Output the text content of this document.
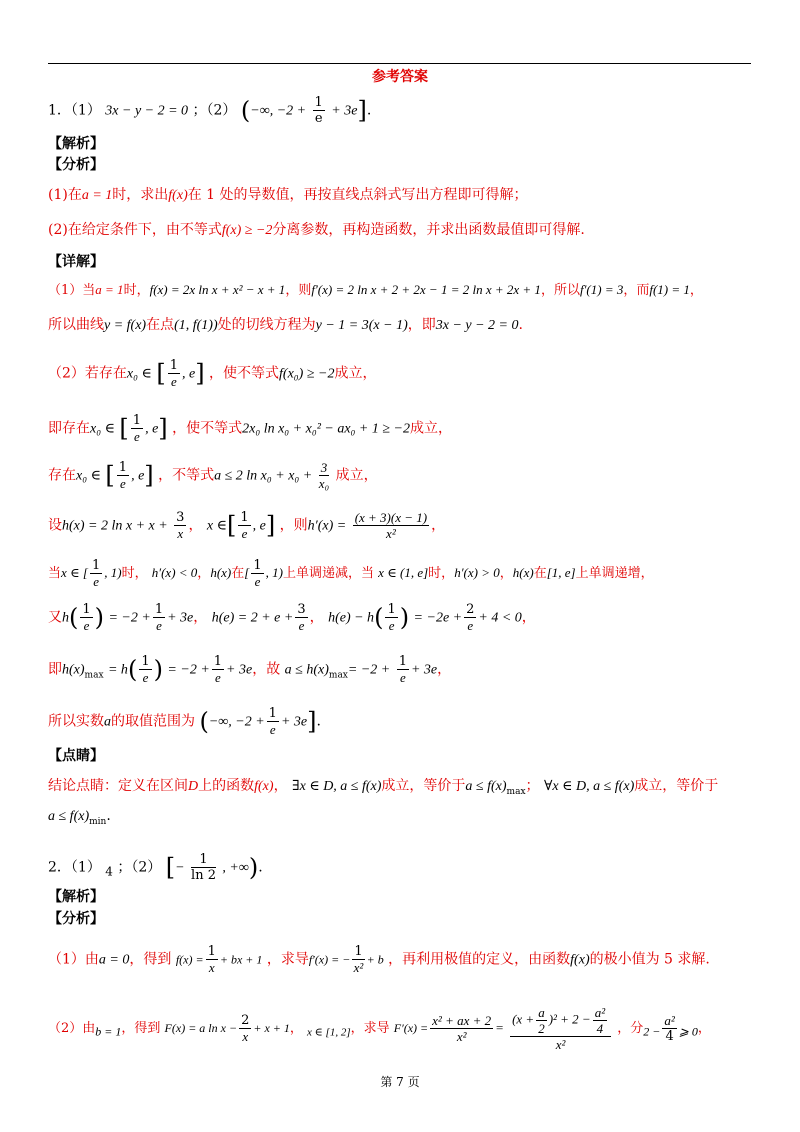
参考答案
1．（1） 3x − y − 2 = 0 ；（2） (−∞, $-2 + \frac{1}{e} + 3e$].
【解析】
【分析】
(1)在a = 1时，求出f(x)在 1 处的导数值，再按直线点斜式写出方程即可得解；
(2)在给定条件下，由不等式f(x) ≥ −2分离参数，再构造函数，并求出函数最值即可得解.
【详解】
（1）当a = 1时，f(x) = 2x ln x + x² − x + 1，则f′(x) = 2 ln x + 2 + 2x − 1 = 2 ln x + 2x + 1，所以f′(1) = 3，而f(1) = 1，
所以曲线y = f(x)在点(1, f(1))处的切线方程为y − 1 = 3(x − 1)，即3x − y − 2 = 0.
（2）若存在x₀ ∈ [ $\frac{1}{e}$ , e] ，使不等式f(x₀) ≥ −2成立，
即存在x₀ ∈ [ $\frac{1}{e}$ , e] ，使不等式2x₀ ln x₀ + x₀² − ax₀ + 1 ≥ −2成立，
存在x₀ ∈ [ $\frac{1}{e}$ , e] ，不等式a ≤ 2 $\ln x_0 + x_0 + \frac{3}{\text{x₀}}$ 成立，
设h(x) = 2 $\ln x + x + \frac{3}{x}$ ， x ∈[ $\frac{1}{e}$ , e] ，则$h'(x) = \frac{(x + 3)(x - 1)}{\text{x²}}$ ，
当x ∈ [ $\frac{1}{e}$ , 1)时， h′(x) < 0，h(x)在[ $\frac{1}{e}$ , 1)上单调递减，当 x ∈ (1, e]时，h′(x) > 0，h(x)在[1, e]上单调递增，
又$h( \frac{1}{e}$ ) = $-2 + \frac{1}{e} + 3e$， $h(e) = 2 + e + \frac{3}{e}$ ， $h(e) - h( \frac{1}{e}$ ) = $-2e + \frac{2}{e} + 4 < 0$，
即$h(x)_{max} = h( \frac{1}{e}$ ) = $-2 + \frac{1}{e} + 3e$，故 $a \le h(x)_{max}= -2 + \frac{1}{e} + 3e$，
所以实数a的取值范围为 (−∞, $-2 + \frac{1}{e} + 3e$].
【点睛】
结论点睛：定义在区间D上的函数f(x)， ∃x ∈ D, a ≤ f(x)成立，等价于$a \le f(x)_{max}$； ∀x ∈ D, a ≤ f(x)成立，等价于
$a \le f(x)_{min}$.
2．（1） $_4$ ；（2） [− $\frac{1}{\ln 2}$ , +∞).
【解析】
【分析】
（1）由a = 0，得到 $f(x) = \frac{1}{x}$ + bx + 1 ，求导f′(x) = − $\frac{1}{\text{x²}} + b$ ，再利用极值的定义，由函数f(x)的极小值为 5 求解.
（2）由$_{b = 1}$，得到 F(x) = a $\ln x - \frac{2}{x} + x + 1$， $_{x \in [1, 2]}$，求导 $F'(x) = \frac{\text{x² + ax + 2}}{\text{x²}} = \frac{(x + \frac{a}{2} )^2 + 2 - \frac{\text{a²}}{4}}{\text{x²}}$ ，分$_{2 -} \frac{\text{a²}}{4} _{⩾ 0}$，
第 7 页
